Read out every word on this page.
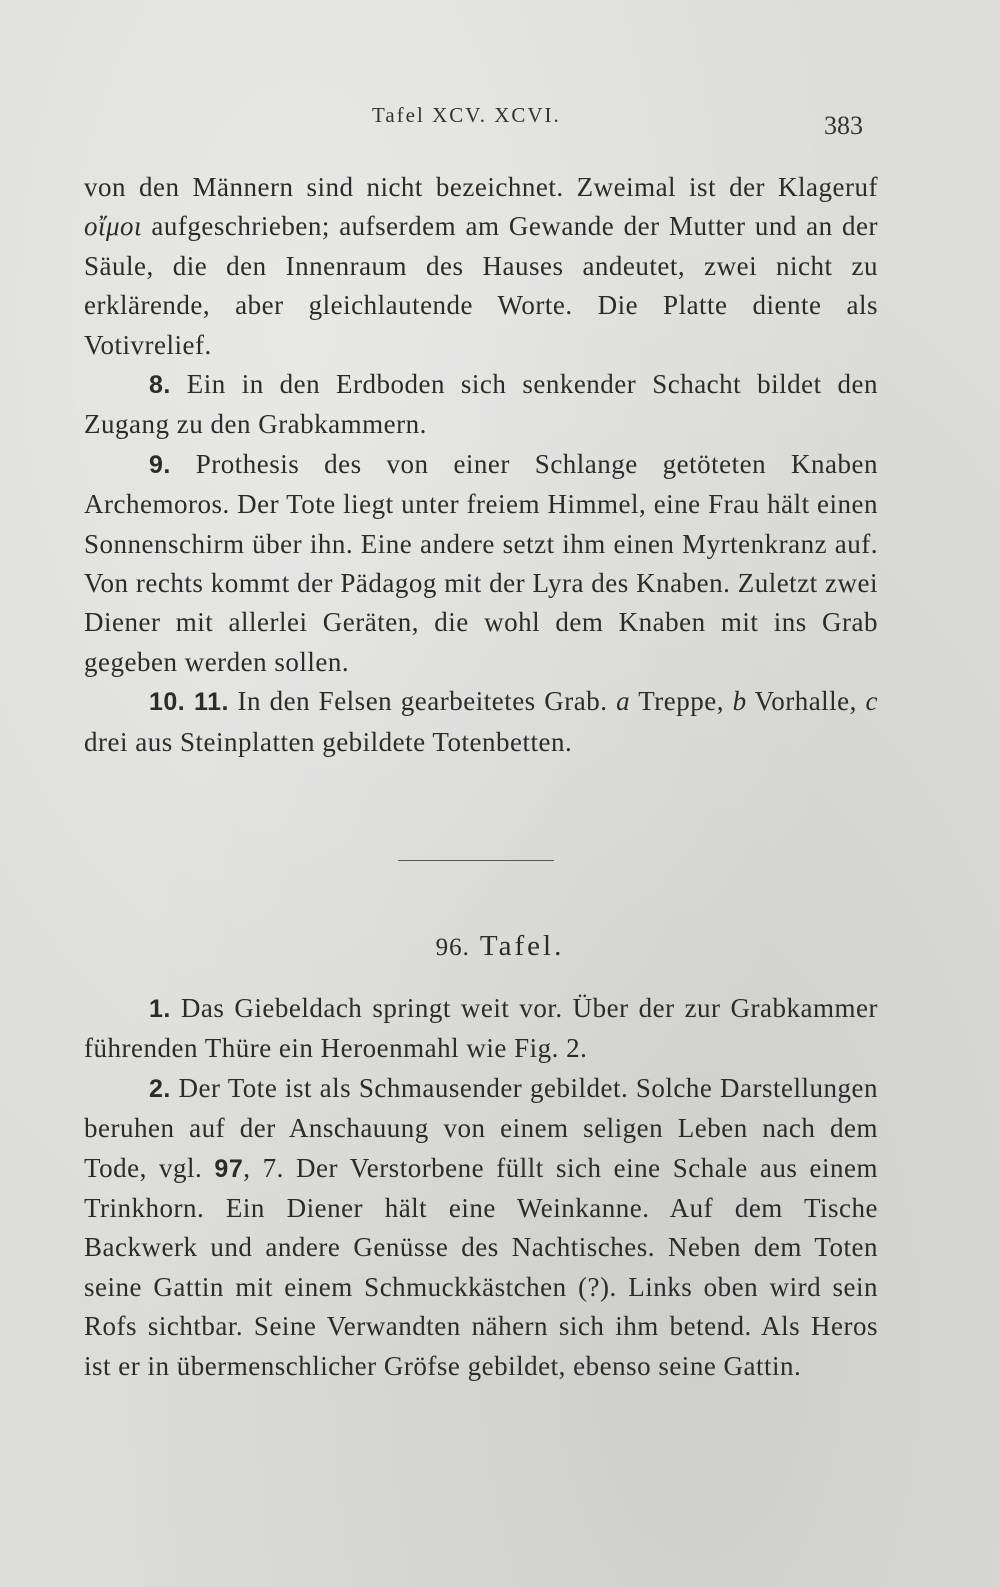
Tafel XCV. XCVI.	383

von den Männern sind nicht bezeichnet. Zweimal ist der Klageruf οἴμοι aufgeschrieben; aufserdem am Gewande der Mutter und an der Säule, die den Innenraum des Hauses andeutet, zwei nicht zu erklärende, aber gleichlautende Worte. Die Platte diente als Votivrelief.

8. Ein in den Erdboden sich senkender Schacht bildet den Zugang zu den Grabkammern.

9. Prothesis des von einer Schlange getöteten Knaben Archemoros. Der Tote liegt unter freiem Himmel, eine Frau hält einen Sonnenschirm über ihn. Eine andere setzt ihm einen Myrtenkranz auf. Von rechts kommt der Pädagog mit der Lyra des Knaben. Zuletzt zwei Diener mit allerlei Geräten, die wohl dem Knaben mit ins Grab gegeben werden sollen.

10. 11. In den Felsen gearbeitetes Grab. a Treppe, b Vorhalle, c drei aus Steinplatten gebildete Totenbetten.

96. Tafel.

1. Das Giebeldach springt weit vor. Über der zur Grabkammer führenden Thüre ein Heroenmahl wie Fig. 2.

2. Der Tote ist als Schmausender gebildet. Solche Darstellungen beruhen auf der Anschauung von einem seligen Leben nach dem Tode, vgl. 97, 7. Der Verstorbene füllt sich eine Schale aus einem Trinkhorn. Ein Diener hält eine Weinkanne. Auf dem Tische Backwerk und andere Genüsse des Nachtisches. Neben dem Toten seine Gattin mit einem Schmuckkästchen (?). Links oben wird sein Rofs sichtbar. Seine Verwandten nähern sich ihm betend. Als Heros ist er in übermenschlicher Gröfse gebildet, ebenso seine Gattin.
